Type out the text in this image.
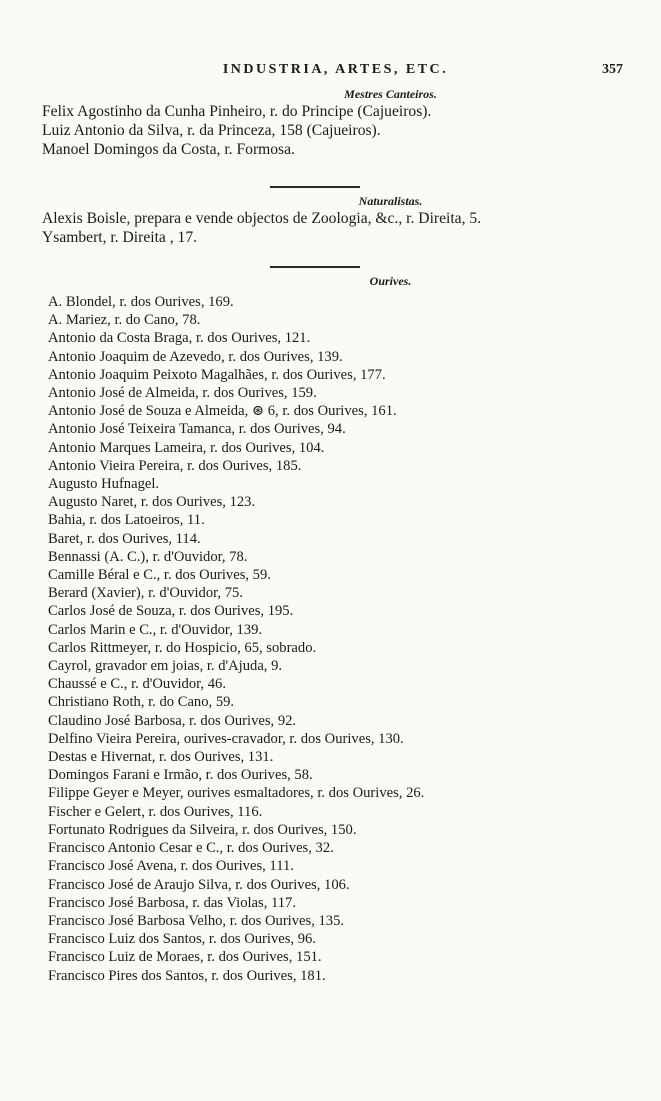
INDUSTRIA, ARTES, ETC.	357

Mestres Canteiros.

Felix Agostinho da Cunha Pinheiro, r. do Principe (Cajueiros).
Luiz Antonio da Silva, r. da Princeza, 158 (Cajueiros).
Manoel Domingos da Costa, r. Formosa.

Naturalistas.

Alexis Boisle, prepara e vende objectos de Zoologia, &c., r. Direita, 5.
Ysambert, r. Direita , 17.

Ourives.

A. Blondel, r. dos Ourives, 169.
A. Mariez, r. do Cano, 78.
Antonio da Costa Braga, r. dos Ourives, 121.
Antonio Joaquim de Azevedo, r. dos Ourives, 139.
Antonio Joaquim Peixoto Magalhães, r. dos Ourives, 177.
Antonio José de Almeida, r. dos Ourives, 159.
Antonio José de Souza e Almeida, ⊛ 6, r. dos Ourives, 161.
Antonio José Teixeira Tamanca, r. dos Ourives, 94.
Antonio Marques Lameira, r. dos Ourives, 104.
Antonio Vieira Pereira, r. dos Ourives, 185.
Augusto Hufnagel.
Augusto Naret, r. dos Ourives, 123.
Bahia, r. dos Latoeiros, 11.
Baret, r. dos Ourives, 114.
Bennassi (A. C.), r. d'Ouvidor, 78.
Camille Béral e C., r. dos Ourives, 59.
Berard (Xavier), r. d'Ouvidor, 75.
Carlos José de Souza, r. dos Ourives, 195.
Carlos Marin e C., r. d'Ouvidor, 139.
Carlos Rittmeyer, r. do Hospicio, 65, sobrado.
Cayrol, gravador em joias, r. d'Ajuda, 9.
Chaussé e C., r. d'Ouvidor, 46.
Christiano Roth, r. do Cano, 59.
Claudino José Barbosa, r. dos Ourives, 92.
Delfino Vieira Pereira, ourives-cravador, r. dos Ourives, 130.
Destas e Hivernat, r. dos Ourives, 131.
Domingos Farani e Irmão, r. dos Ourives, 58.
Filippe Geyer e Meyer, ourives esmaltadores, r. dos Ourives, 26.
Fischer e Gelert, r. dos Ourives, 116.
Fortunato Rodrigues da Silveira, r. dos Ourives, 150.
Francisco Antonio Cesar e C., r. dos Ourives, 32.
Francisco José Avena, r. dos Ourives, 111.
Francisco José de Araujo Silva, r. dos Ourives, 106.
Francisco José Barbosa, r. das Violas, 117.
Francisco José Barbosa Velho, r. dos Ourives, 135.
Francisco Luiz dos Santos, r. dos Ourives, 96.
Francisco Luiz de Moraes, r. dos Ourives, 151.
Francisco Pires dos Santos, r. dos Ourives, 181.
